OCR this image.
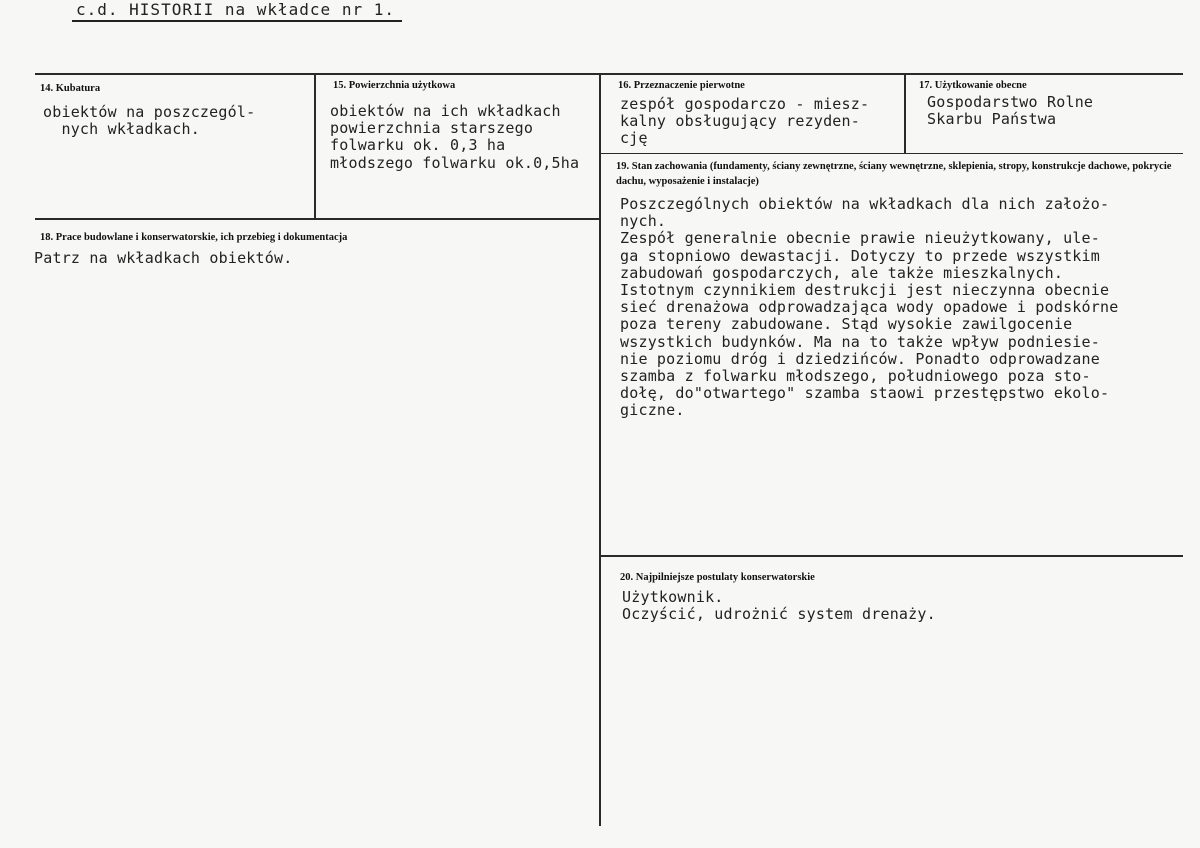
c.d. HISTORII na wkładce nr 1.
14. Kubatura
obiektów na poszczegól-
nych wkładkach.
15. Powierzchnia użytkowa
obiektów na ich wkładkach
powierzchnia starszego
folwarku ok. 0,3 ha
młodszego folwarku ok.0,5ha
16. Przeznaczenie pierwotne
zespół gospodarczo - miesz-
kalny obsługujący rezyden-
cję
17. Użytkowanie obecne
Gospodarstwo Rolne
Skarbu Państwa
18. Prace budowlane i konserwatorskie, ich przebieg i dokumentacja
Patrz na wkładkach obiektów.
19. Stan zachowania (fundamenty, ściany zewnętrzne, ściany wewnętrzne, sklepienia, stropy, konstrukcje dachowe, pokrycie dachu, wyposażenie i instalacje)
Poszczególnych obiektów na wkładkach dla nich założo-
nych.
Zespół generalnie obecnie prawie nieużytkowany, ule-
ga stopniowo dewastacji. Dotyczy to przede wszystkim
zabudowań gospodarczych, ale także mieszkalnych.
Istotnym czynnikiem destrukcji jest nieczynna obecnie
sieć drenażowa odprowadzająca wody opadowe i podskórne
poza tereny zabudowane. Stąd wysokie zawilgocenie
wszystkich budynków. Ma na to także wpływ podniesie-
nie poziomu dróg i dziedzińców. Ponadto odprowadzane
szamba z folwarku młodszego, południowego poza sto-
dołę, do"otwartego" szamba staowi przestępstwo ekolo-
giczne.
20. Najpilniejsze postulaty konserwatorskie
Użytkownik.
Oczyścić, udrożnić system drenaży.
